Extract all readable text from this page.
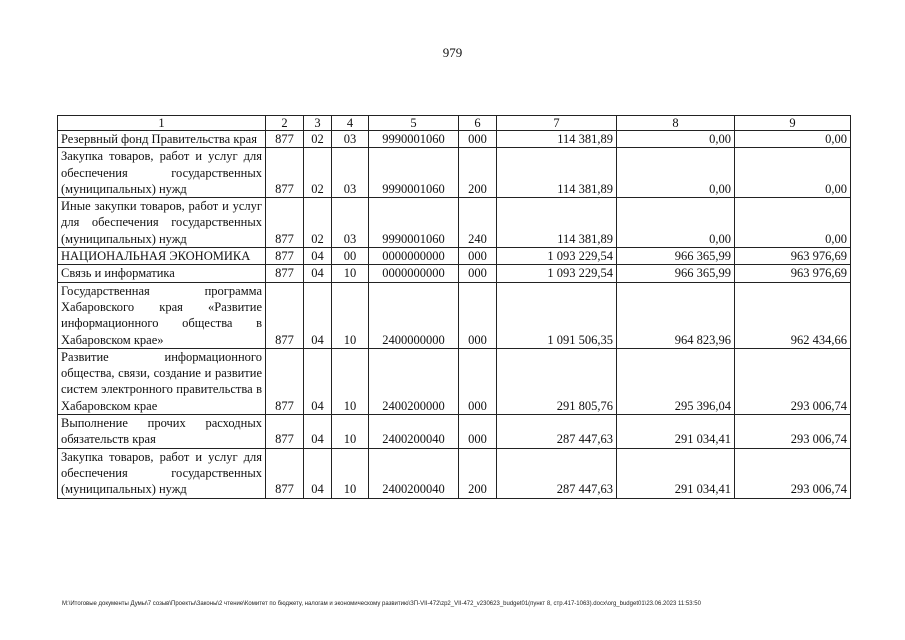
979
1	2	3	4	5	6	7	8	9
Резервный фонд Правительства края	877	02	03	9990001060	000	114 381,89	0,00	0,00
Закупка товаров, работ и услуг для обеспечения государственных (муниципальных) нужд	877	02	03	9990001060	200	114 381,89	0,00	0,00
Иные закупки товаров, работ и услуг для обеспечения государственных (муниципальных) нужд	877	02	03	9990001060	240	114 381,89	0,00	0,00
НАЦИОНАЛЬНАЯ ЭКОНОМИКА	877	04	00	0000000000	000	1 093 229,54	966 365,99	963 976,69
Связь и информатика	877	04	10	0000000000	000	1 093 229,54	966 365,99	963 976,69
Государственная программа Хабаровского края «Развитие информационного общества в Хабаровском крае»	877	04	10	2400000000	000	1 091 506,35	964 823,96	962 434,66
Развитие информационного общества, связи, создание и развитие систем электронного правительства в Хабаровском крае	877	04	10	2400200000	000	291 805,76	295 396,04	293 006,74
Выполнение прочих расходных обязательств края	877	04	10	2400200040	000	287 447,63	291 034,41	293 006,74
Закупка товаров, работ и услуг для обеспечения государственных (муниципальных) нужд	877	04	10	2400200040	200	287 447,63	291 034,41	293 006,74
M:\Итоговые документы Думы\7 созыв\Проекты\Законы\2 чтение\Комитет по бюджету, налогам и экономическому развитию\ЗП-VII-472\zp2_VII-472_v230623_budget01(пункт 8, стр.417-1063).docx\org_budget01\23.06.2023 11:53:50
